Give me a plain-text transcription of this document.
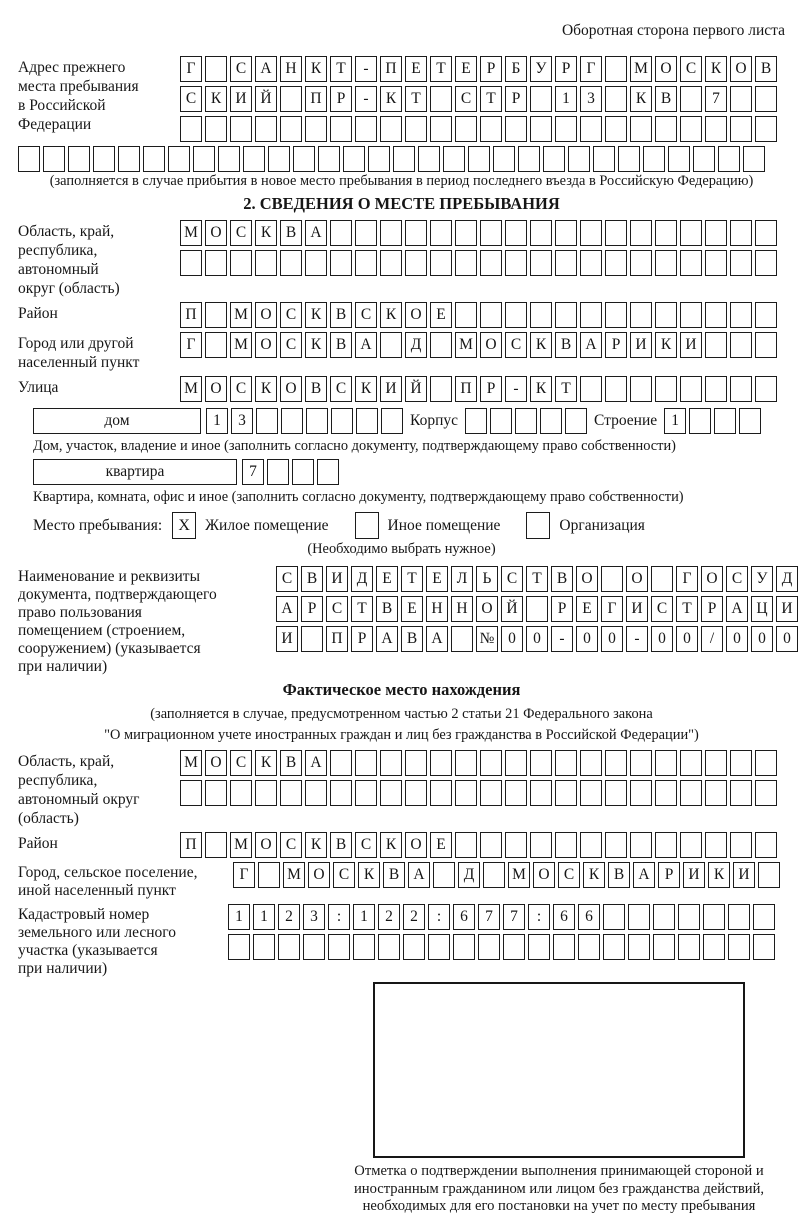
Оборотная сторона первого листа
Адрес прежнего
места пребывания
в Российской
Федерации
Г	С А Н К Т	-	П Е	Т	Е	Р	Б У Р	Г	М О С К О В
С К И Й	П Р	-	К Т	С Т	Р	1	3	К В	7
(заполняется в случае прибытия в новое место пребывания в период последнего въезда в Российскую Федерацию)
2. СВЕДЕНИЯ О МЕСТЕ ПРЕБЫВАНИЯ
Область, край,
республика,
автономный
округ (область)
М О С К В А
Район	П	М О С К В С К О Е
Город или другой
населенный пункт
Г	М О С К В А	Д	М О С К В А Р И К И
Улица	М О С К О В С К И Й	П Р	-	К Т
дом	1	3	Корпус	Строение 1
Дом, участок, владение и иное (заполнить согласно документу, подтверждающему право собственности)
квартира	7
Квартира, комната, офис и иное (заполнить согласно документу, подтверждающему право собственности)
Место пребывания:	X Жилое помещение	Иное помещение	Организация
(Необходимо выбрать нужное)
Наименование и реквизиты
документа, подтверждающего
право пользования
помещением (строением,
сооружением) (указывается
при наличии)
С В И Д Е	Т	Е Л Ь С Т В О	О	Г О С У Д
А Р	С Т В Е Н Н О Й	Р	Е	Г И С Т	Р А Ц И
И	П Р А В А	№ 0	0	-	0	0	-	0	0	/	0	0	0
Фактическое место нахождения
(заполняется в случае, предусмотренном частью 2 статьи 21 Федерального закона
"О миграционном учете иностранных граждан и лиц без гражданства в Российской Федерации")
Область, край,
республика,
автономный округ
(область)
М О С К В А
Район	П	М О С К В С К О Е
Город, сельское поселение,
иной населенный пункт
Г	М О С К В А	Д	М О С К В А Р И К И
Кадастровый номер
земельного или лесного
участка (указывается
при наличии)
1	1	2	3	:	1	2	2	:	6	7	7	:	6	6
Отметка о подтверждении выполнения принимающей стороной и иностранным гражданином или лицом без гражданства действий, необходимых для его постановки на учет по месту пребывания
